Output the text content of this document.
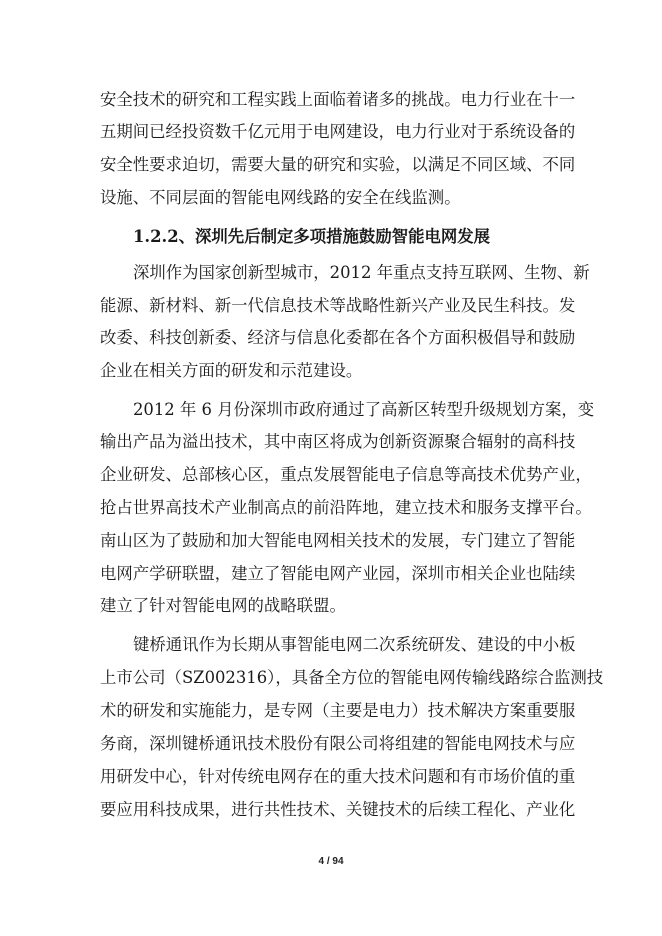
安全技术的研究和工程实践上面临着诸多的挑战。电力行业在十一
五期间已经投资数千亿元用于电网建设，电力行业对于系统设备的
安全性要求迫切，需要大量的研究和实验，以满足不同区域、不同
设施、不同层面的智能电网线路的安全在线监测。
1.2.2、深圳先后制定多项措施鼓励智能电网发展
深圳作为国家创新型城市，2012 年重点支持互联网、生物、新
能源、新材料、新一代信息技术等战略性新兴产业及民生科技。发
改委、科技创新委、经济与信息化委都在各个方面积极倡导和鼓励
企业在相关方面的研发和示范建设。
2012 年 6 月份深圳市政府通过了高新区转型升级规划方案，变
输出产品为溢出技术，其中南区将成为创新资源聚合辐射的高科技
企业研发、总部核心区，重点发展智能电子信息等高技术优势产业，
抢占世界高技术产业制高点的前沿阵地，建立技术和服务支撑平台。
南山区为了鼓励和加大智能电网相关技术的发展，专门建立了智能
电网产学研联盟，建立了智能电网产业园，深圳市相关企业也陆续
建立了针对智能电网的战略联盟。
键桥通讯作为长期从事智能电网二次系统研发、建设的中小板
上市公司（SZ002316），具备全方位的智能电网传输线路综合监测技
术的研发和实施能力，是专网（主要是电力）技术解决方案重要服
务商，深圳键桥通讯技术股份有限公司将组建的智能电网技术与应
用研发中心，针对传统电网存在的重大技术问题和有市场价值的重
要应用科技成果，进行共性技术、关键技术的后续工程化、产业化
4 / 94
